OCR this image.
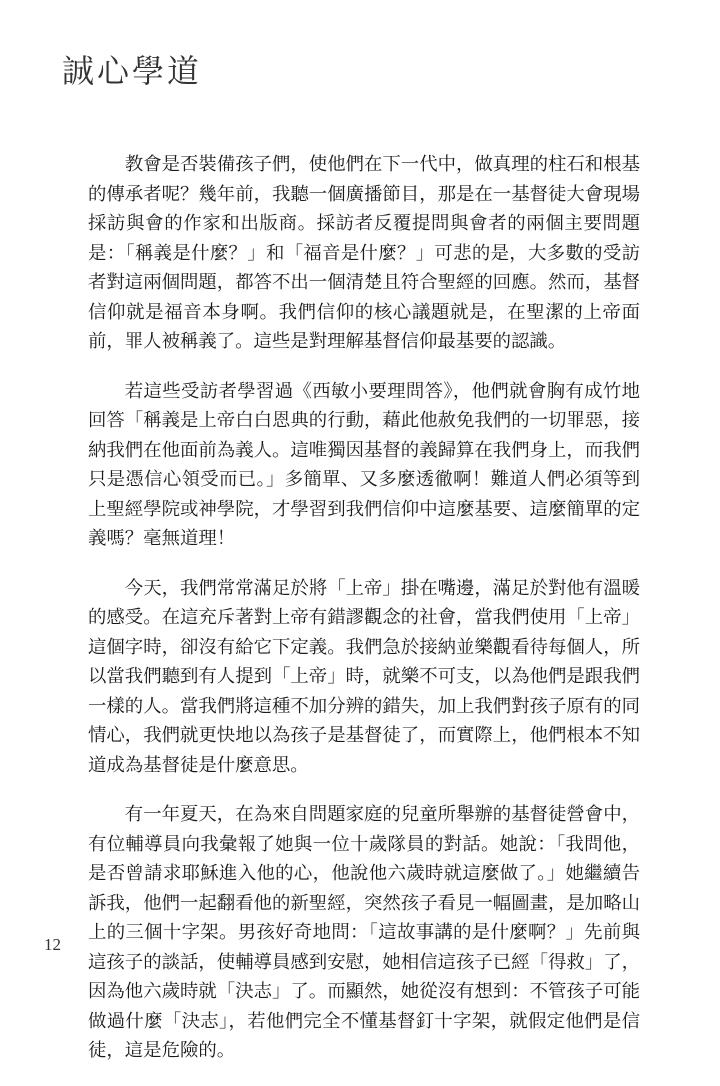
誠心學道

教會是否裝備孩子們，使他們在下一代中，做真理的柱石和根基的傳承者呢？幾年前，我聽一個廣播節目，那是在一基督徒大會現場採訪與會的作家和出版商。採訪者反覆提問與會者的兩個主要問題是：「稱義是什麼？」和「福音是什麼？」可悲的是，大多數的受訪者對這兩個問題，都答不出一個清楚且符合聖經的回應。然而，基督信仰就是福音本身啊。我們信仰的核心議題就是，在聖潔的上帝面前，罪人被稱義了。這些是對理解基督信仰最基要的認識。

若這些受訪者學習過《西敏小要理問答》，他們就會胸有成竹地回答「稱義是上帝白白恩典的行動，藉此他赦免我們的一切罪惡，接納我們在他面前為義人。這唯獨因基督的義歸算在我們身上，而我們只是憑信心領受而已。」多簡單、又多麼透徹啊！難道人們必須等到上聖經學院或神學院，才學習到我們信仰中這麼基要、這麼簡單的定義嗎？毫無道理！

今天，我們常常滿足於將「上帝」掛在嘴邊，滿足於對他有溫暖的感受。在這充斥著對上帝有錯謬觀念的社會，當我們使用「上帝」這個字時，卻沒有給它下定義。我們急於接納並樂觀看待每個人，所以當我們聽到有人提到「上帝」時，就樂不可支，以為他們是跟我們一樣的人。當我們將這種不加分辨的錯失，加上我們對孩子原有的同情心，我們就更快地以為孩子是基督徒了，而實際上，他們根本不知道成為基督徒是什麼意思。

有一年夏天，在為來自問題家庭的兒童所舉辦的基督徒營會中，有位輔導員向我彙報了她與一位十歲隊員的對話。她說：「我問他，是否曾請求耶穌進入他的心，他說他六歲時就這麼做了。」她繼續告訴我，他們一起翻看他的新聖經，突然孩子看見一幅圖畫，是加略山上的三個十字架。男孩好奇地問：「這故事講的是什麼啊？」先前與這孩子的談話，使輔導員感到安慰，她相信這孩子已經「得救」了，因為他六歲時就「決志」了。而顯然，她從沒有想到：不管孩子可能做過什麼「決志」，若他們完全不懂基督釘十字架，就假定他們是信徒，這是危險的。

12
